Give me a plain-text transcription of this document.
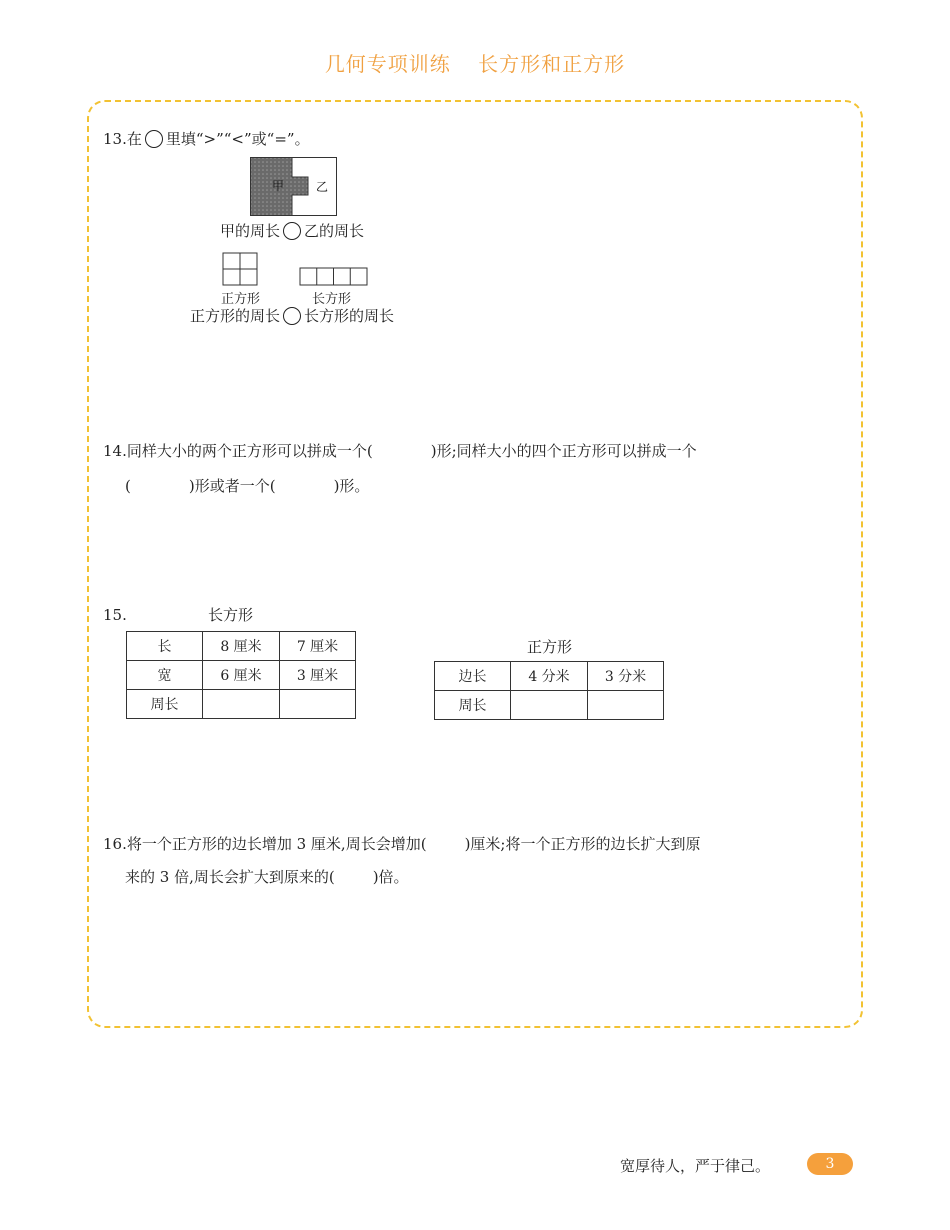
几何专项训练 长方形和正方形
13.在 里填“>”“<”或“=”。
甲	乙
甲的周长 乙的周长
正方形	长方形
正方形的周长 长方形的周长
14.同样大小的两个正方形可以拼成一个(	)形;同样大小的四个正方形可以拼成一个
(	)形或者一个(	)形。
15.	长方形
长	8 厘米	7 厘米
宽	6 厘米	3 厘米
周长		
正方形
边长	4 分米	3 分米
周长		
16.将一个正方形的边长增加 3 厘米,周长会增加(	)厘米;将一个正方形的边长扩大到原
来的 3 倍,周长会扩大到原来的(	)倍。
宽厚待人，严于律己。	3
